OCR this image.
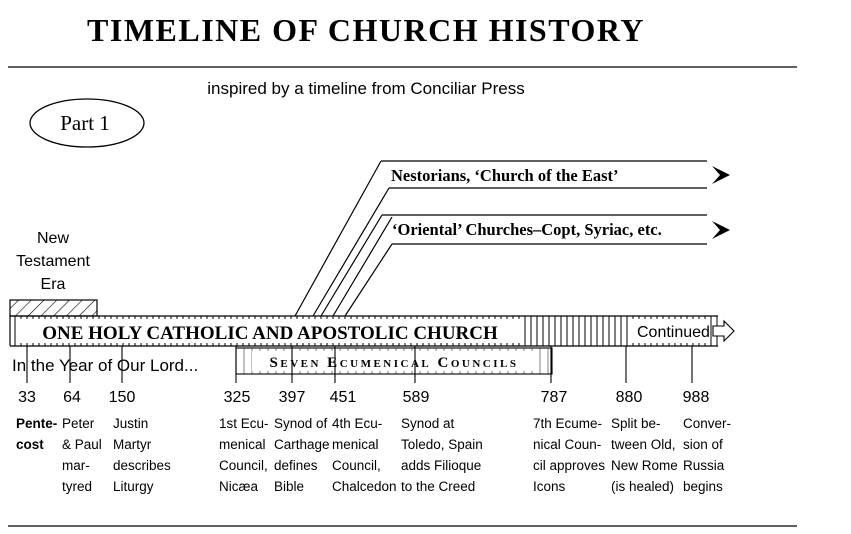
TIMELINE OF CHURCH HISTORY
inspired by a timeline from Conciliar Press
Part 1
New
Testament
Era
Nestorians, ‘Church of the East’
‘Oriental’ Churches–Copt, Syriac, etc.
ONE HOLY CATHOLIC AND APOSTOLIC CHURCH	Continued
In the Year of Our Lord...	Seven Ecumenical Councils
33 64 150	325 397 451	589	787	880	988
Pente-cost
Peter & Paul mar-tyred
Justin Martyr describes Liturgy
1st Ecu-menical Council, Nicæa
Synod of Carthage defines Bible
4th Ecu-menical Council, Chalcedon
Synod at Toledo, Spain adds Filioque to the Creed
7th Ecume-nical Coun-cil approves Icons
Split be-tween Old, New Rome (is healed)
Conver-sion of Russia begins
